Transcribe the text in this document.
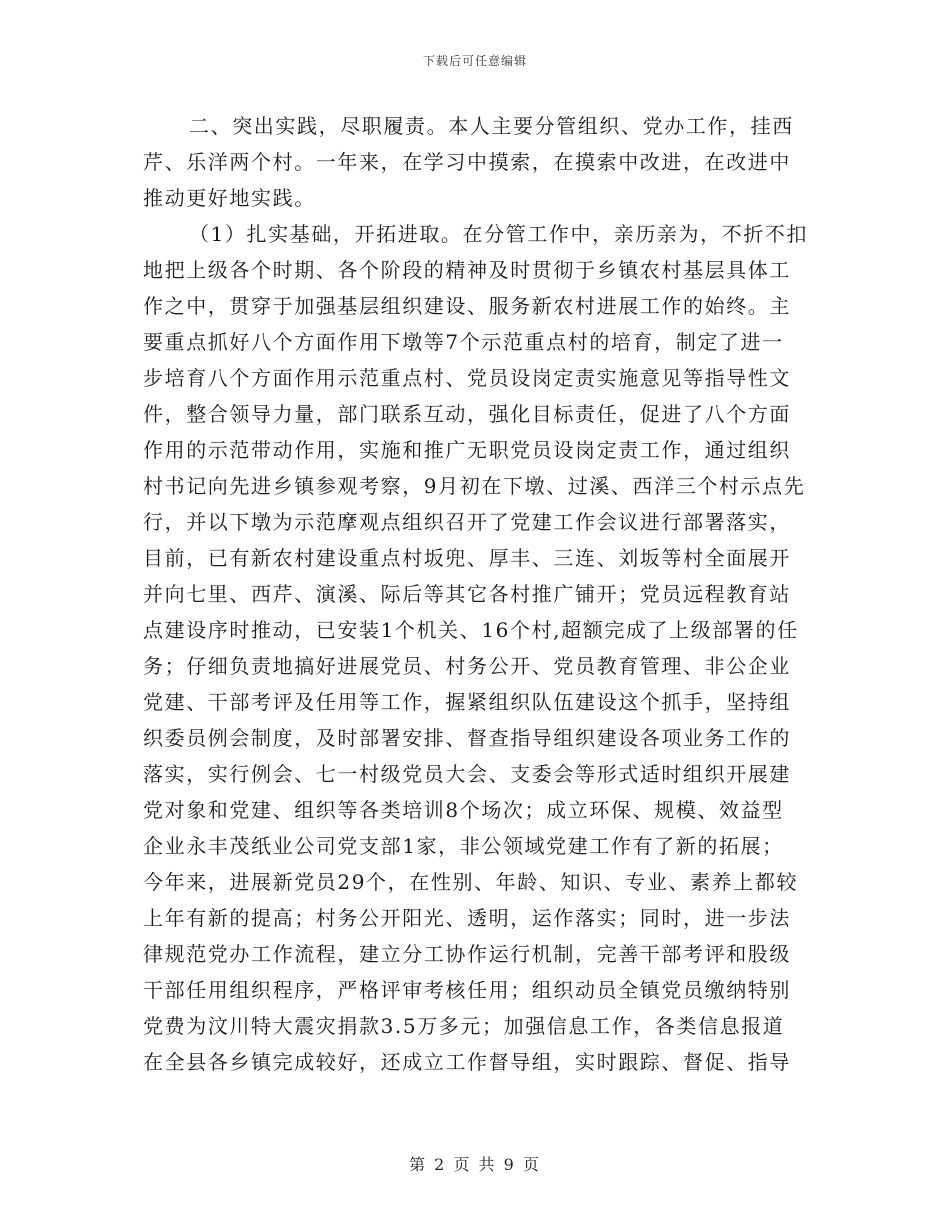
下载后可任意编辑
二、突出实践，尽职履责。本人主要分管组织、党办工作，挂西
芹、乐洋两个村。一年来，在学习中摸索，在摸索中改进，在改进中
推动更好地实践。
（1）扎实基础，开拓进取。在分管工作中，亲历亲为，不折不扣
地把上级各个时期、各个阶段的精神及时贯彻于乡镇农村基层具体工
作之中，贯穿于加强基层组织建设、服务新农村进展工作的始终。主
要重点抓好八个方面作用下墩等7个示范重点村的培育，制定了进一
步培育八个方面作用示范重点村、党员设岗定责实施意见等指导性文
件，整合领导力量，部门联系互动，强化目标责任，促进了八个方面
作用的示范带动作用，实施和推广无职党员设岗定责工作，通过组织
村书记向先进乡镇参观考察，9月初在下墩、过溪、西洋三个村示点先
行，并以下墩为示范摩观点组织召开了党建工作会议进行部署落实，
目前，已有新农村建设重点村坂兜、厚丰、三连、刘坂等村全面展开
并向七里、西芹、演溪、际后等其它各村推广铺开；党员远程教育站
点建设序时推动，已安装1个机关、16个村,超额完成了上级部署的任
务；仔细负责地搞好进展党员、村务公开、党员教育管理、非公企业
党建、干部考评及任用等工作，握紧组织队伍建设这个抓手，坚持组
织委员例会制度，及时部署安排、督查指导组织建设各项业务工作的
落实，实行例会、七一村级党员大会、支委会等形式适时组织开展建
党对象和党建、组织等各类培训8个场次；成立环保、规模、效益型
企业永丰茂纸业公司党支部1家，非公领域党建工作有了新的拓展；
今年来，进展新党员29个，在性别、年龄、知识、专业、素养上都较
上年有新的提高；村务公开阳光、透明，运作落实；同时，进一步法
律规范党办工作流程，建立分工协作运行机制，完善干部考评和股级
干部任用组织程序，严格评审考核任用；组织动员全镇党员缴纳特别
党费为汶川特大震灾捐款3.5万多元；加强信息工作，各类信息报道
在全县各乡镇完成较好，还成立工作督导组，实时跟踪、督促、指导
第 2 页 共 9 页
